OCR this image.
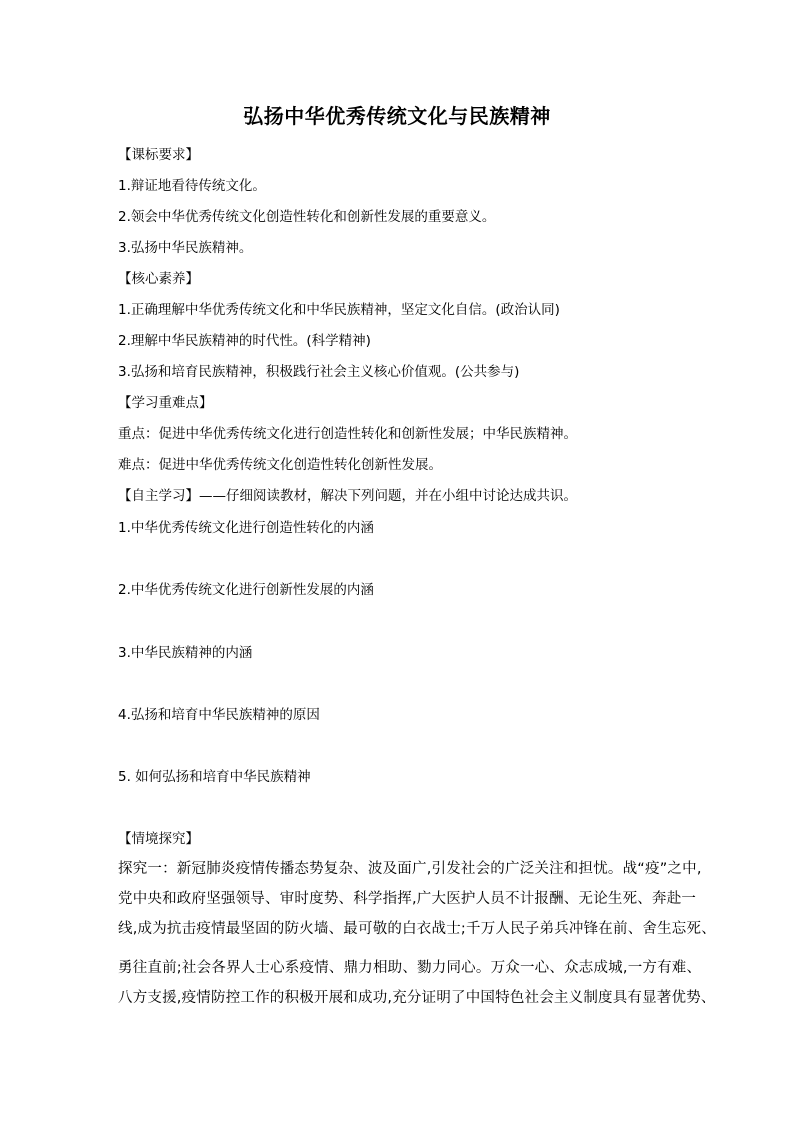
弘扬中华优秀传统文化与民族精神
【课标要求】
1.辩证地看待传统文化。
2.领会中华优秀传统文化创造性转化和创新性发展的重要意义。
3.弘扬中华民族精神。
【核心素养】
1.正确理解中华优秀传统文化和中华民族精神，坚定文化自信。(政治认同)
2.理解中华民族精神的时代性。(科学精神)
3.弘扬和培育民族精神，积极践行社会主义核心价值观。(公共参与)
【学习重难点】
重点：促进中华优秀传统文化进行创造性转化和创新性发展；中华民族精神。
难点：促进中华优秀传统文化创造性转化创新性发展。
【自主学习】——仔细阅读教材，解决下列问题，并在小组中讨论达成共识。
1.中华优秀传统文化进行创造性转化的内涵
2.中华优秀传统文化进行创新性发展的内涵
3.中华民族精神的内涵
4.弘扬和培育中华民族精神的原因
5. 如何弘扬和培育中华民族精神
【情境探究】
探究一：新冠肺炎疫情传播态势复杂、波及面广,引发社会的广泛关注和担忧。战“疫”之中,
党中央和政府坚强领导、审时度势、科学指挥,广大医护人员不计报酬、无论生死、奔赴一
线,成为抗击疫情最坚固的防火墙、最可敬的白衣战士;千万人民子弟兵冲锋在前、舍生忘死、
勇往直前;社会各界人士心系疫情、鼎力相助、勠力同心。万众一心、众志成城,一方有难、
八方支援,疫情防控工作的积极开展和成功,充分证明了中国特色社会主义制度具有显著优势、
